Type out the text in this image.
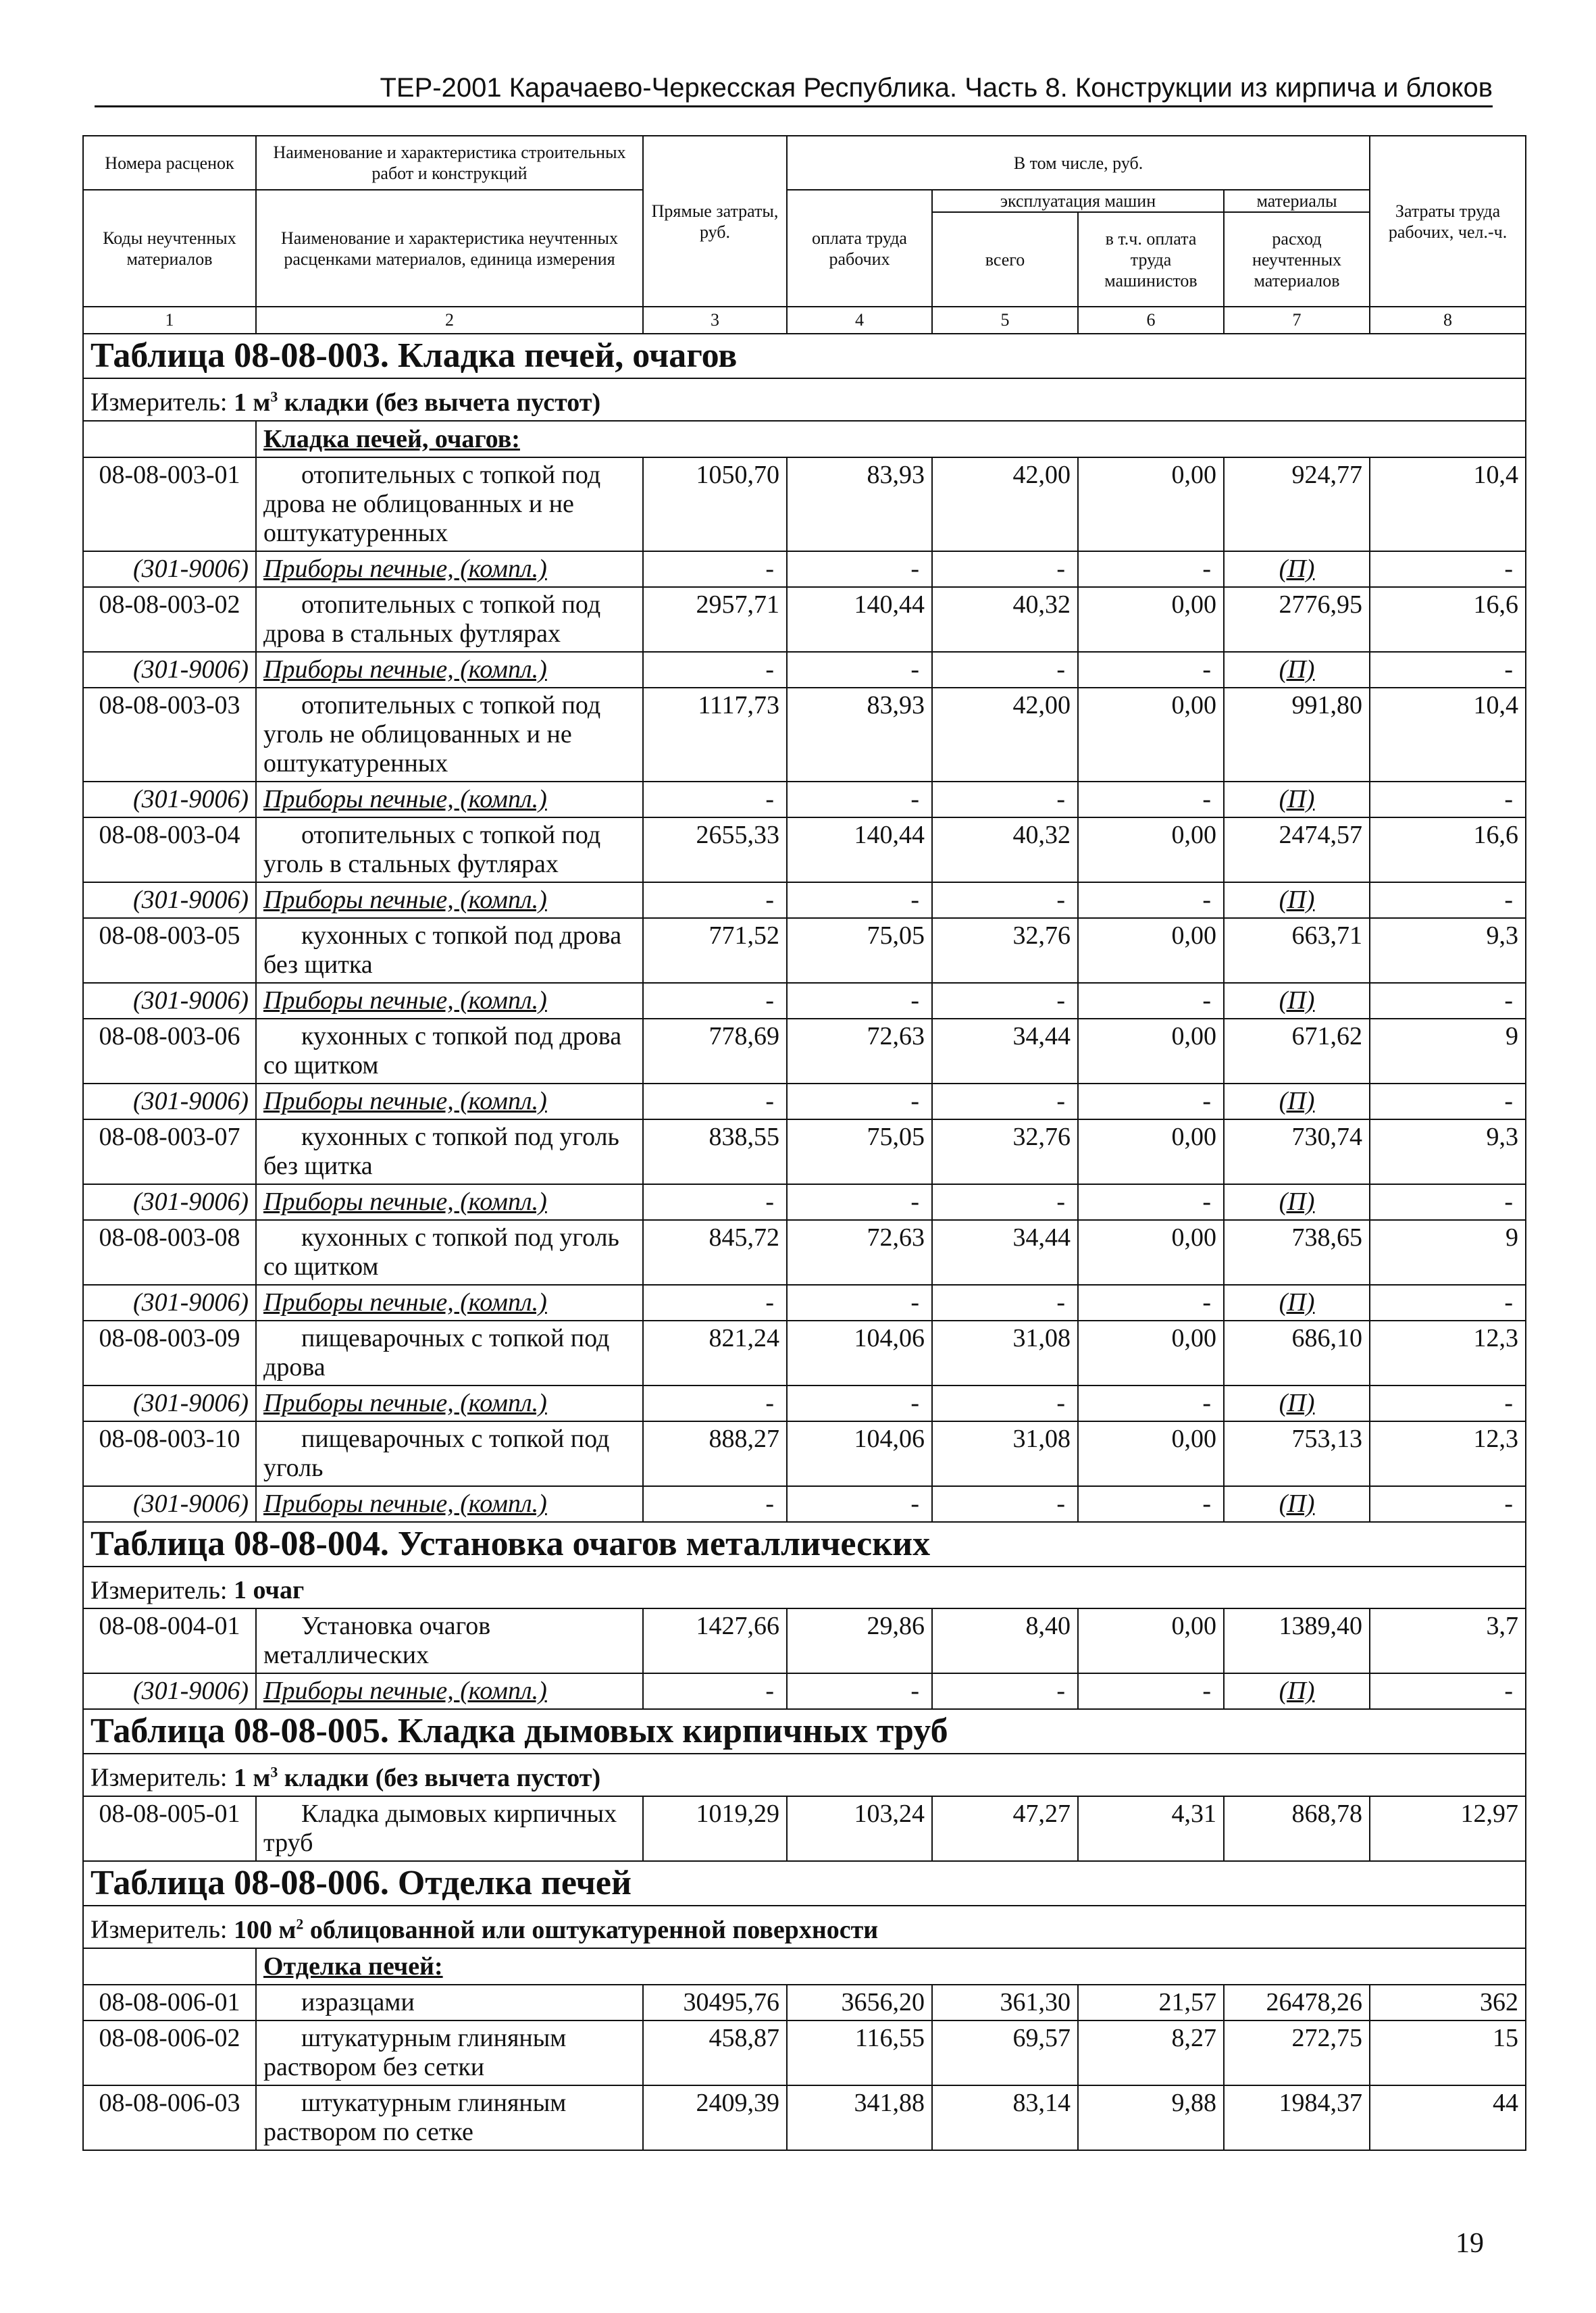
ТЕР-2001 Карачаево-Черкесская Республика. Часть 8. Конструкции из кирпича и блоков
Номера расценок	Наименование и характеристика строительных работ и конструкций	Прямые затраты, руб.	В том числе, руб.				Затраты труда рабочих, чел.-ч.
Коды неучтенных материалов	Наименование и характеристика неучтенных расценками материалов, единица измерения		оплата труда рабочих	эксплуатация машин		материалы	
				всего	в т.ч. оплата труда машинистов	расход неучтенных материалов	
1	2	3	4	5	6	7	8
Таблица 08-08-003. Кладка печей, очагов							
Измеритель: 1 $м^3$ кладки (без вычета пустот)							
	Кладка печей, очагов:						
08-08-003-01	отопительных с топкой под дрова не облицованных и не оштукатуренных	1050,70	83,93	42,00	0,00	924,77	10,4
(301-9006)	Приборы печные, (компл.)	-	-	-	-	(П)	-
08-08-003-02	отопительных с топкой под дрова в стальных футлярах	2957,71	140,44	40,32	0,00	2776,95	16,6
(301-9006)	Приборы печные, (компл.)	-	-	-	-	(П)	-
08-08-003-03	отопительных с топкой под уголь не облицованных и не оштукатуренных	1117,73	83,93	42,00	0,00	991,80	10,4
(301-9006)	Приборы печные, (компл.)	-	-	-	-	(П)	-
08-08-003-04	отопительных с топкой под уголь в стальных футлярах	2655,33	140,44	40,32	0,00	2474,57	16,6
(301-9006)	Приборы печные, (компл.)	-	-	-	-	(П)	-
08-08-003-05	кухонных с топкой под дрова без щитка	771,52	75,05	32,76	0,00	663,71	9,3
(301-9006)	Приборы печные, (компл.)	-	-	-	-	(П)	-
08-08-003-06	кухонных с топкой под дрова со щитком	778,69	72,63	34,44	0,00	671,62	9
(301-9006)	Приборы печные, (компл.)	-	-	-	-	(П)	-
08-08-003-07	кухонных с топкой под уголь без щитка	838,55	75,05	32,76	0,00	730,74	9,3
(301-9006)	Приборы печные, (компл.)	-	-	-	-	(П)	-
08-08-003-08	кухонных с топкой под уголь со щитком	845,72	72,63	34,44	0,00	738,65	9
(301-9006)	Приборы печные, (компл.)	-	-	-	-	(П)	-
08-08-003-09	пищеварочных с топкой под дрова	821,24	104,06	31,08	0,00	686,10	12,3
(301-9006)	Приборы печные, (компл.)	-	-	-	-	(П)	-
08-08-003-10	пищеварочных с топкой под уголь	888,27	104,06	31,08	0,00	753,13	12,3
(301-9006)	Приборы печные, (компл.)	-	-	-	-	(П)	-
Таблица 08-08-004. Установка очагов металлических							
Измеритель: 1 очаг							
08-08-004-01	Установка очагов металлических	1427,66	29,86	8,40	0,00	1389,40	3,7
(301-9006)	Приборы печные, (компл.)	-	-	-	-	(П)	-
Таблица 08-08-005. Кладка дымовых кирпичных труб							
Измеритель: 1 $м^3$ кладки (без вычета пустот)							
08-08-005-01	Кладка дымовых кирпичных труб	1019,29	103,24	47,27	4,31	868,78	12,97
Таблица 08-08-006. Отделка печей							
Измеритель: 100 $м^2$ облицованной или оштукатуренной поверхности							
	Отделка печей:						
08-08-006-01	изразцами	30495,76	3656,20	361,30	21,57	26478,26	362
08-08-006-02	штукатурным глиняным раствором без сетки	458,87	116,55	69,57	8,27	272,75	15
08-08-006-03	штукатурным глиняным раствором по сетке	2409,39	341,88	83,14	9,88	1984,37	44
19
